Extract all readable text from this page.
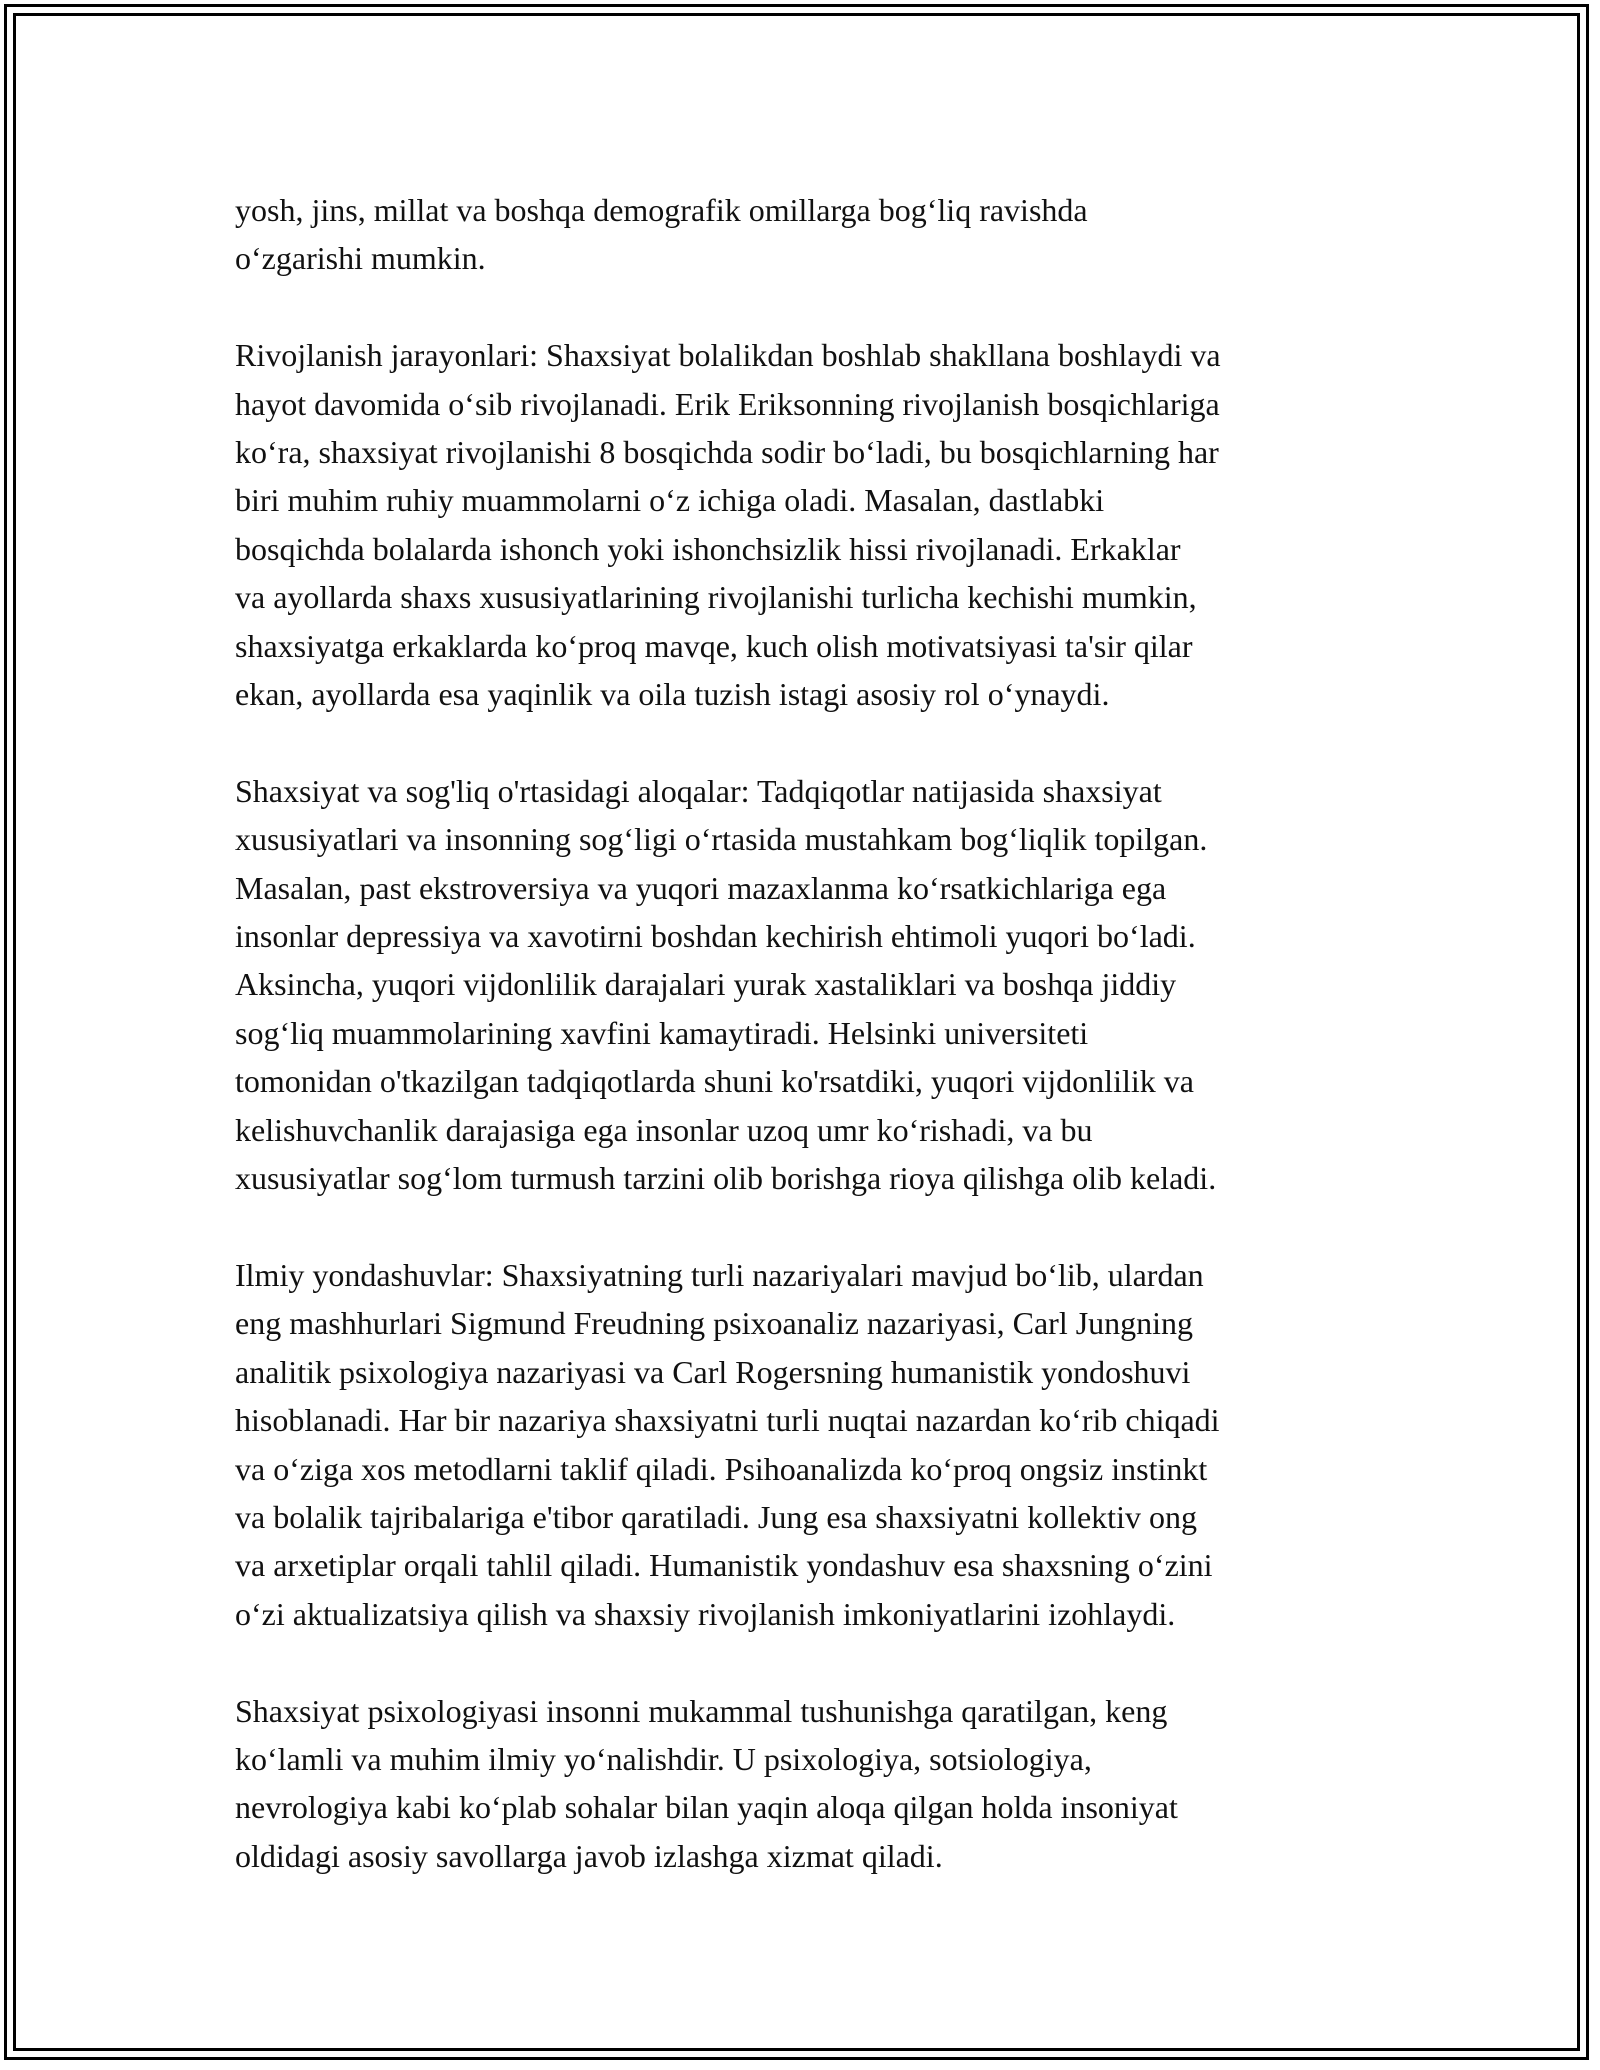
yosh, jins, millat va boshqa demografik omillarga bog‘liq ravishda
o‘zgarishi mumkin.

Rivojlanish jarayonlari: Shaxsiyat bolalikdan boshlab shakllana boshlaydi va
hayot davomida o‘sib rivojlanadi. Erik Eriksonning rivojlanish bosqichlariga
ko‘ra, shaxsiyat rivojlanishi 8 bosqichda sodir bo‘ladi, bu bosqichlarning har
biri muhim ruhiy muammolarni o‘z ichiga oladi. Masalan, dastlabki
bosqichda bolalarda ishonch yoki ishonchsizlik hissi rivojlanadi. Erkaklar
va ayollarda shaxs xususiyatlarining rivojlanishi turlicha kechishi mumkin,
shaxsiyatga erkaklarda ko‘proq mavqe, kuch olish motivatsiyasi ta'sir qilar
ekan, ayollarda esa yaqinlik va oila tuzish istagi asosiy rol o‘ynaydi.

Shaxsiyat va sog'liq o'rtasidagi aloqalar: Tadqiqotlar natijasida shaxsiyat
xususiyatlari va insonning sog‘ligi o‘rtasida mustahkam bog‘liqlik topilgan.
Masalan, past ekstroversiya va yuqori mazaxlanma ko‘rsatkichlariga ega
insonlar depressiya va xavotirni boshdan kechirish ehtimoli yuqori bo‘ladi.
Aksincha, yuqori vijdonlilik darajalari yurak xastaliklari va boshqa jiddiy
sog‘liq muammolarining xavfini kamaytiradi. Helsinki universiteti
tomonidan o'tkazilgan tadqiqotlarda shuni ko'rsatdiki, yuqori vijdonlilik va
kelishuvchanlik darajasiga ega insonlar uzoq umr ko‘rishadi, va bu
xususiyatlar sog‘lom turmush tarzini olib borishga rioya qilishga olib keladi.

Ilmiy yondashuvlar: Shaxsiyatning turli nazariyalari mavjud bo‘lib, ulardan
eng mashhurlari Sigmund Freudning psixoanaliz nazariyasi, Carl Jungning
analitik psixologiya nazariyasi va Carl Rogersning humanistik yondoshuvi
hisoblanadi. Har bir nazariya shaxsiyatni turli nuqtai nazardan ko‘rib chiqadi
va o‘ziga xos metodlarni taklif qiladi. Psihoanalizda ko‘proq ongsiz instinkt
va bolalik tajribalariga e'tibor qaratiladi. Jung esa shaxsiyatni kollektiv ong
va arxetiplar orqali tahlil qiladi. Humanistik yondashuv esa shaxsning o‘zini
o‘zi aktualizatsiya qilish va shaxsiy rivojlanish imkoniyatlarini izohlaydi.

Shaxsiyat psixologiyasi insonni mukammal tushunishga qaratilgan, keng
ko‘lamli va muhim ilmiy yo‘nalishdir. U psixologiya, sotsiologiya,
nevrologiya kabi ko‘plab sohalar bilan yaqin aloqa qilgan holda insoniyat
oldidagi asosiy savollarga javob izlashga xizmat qiladi.
